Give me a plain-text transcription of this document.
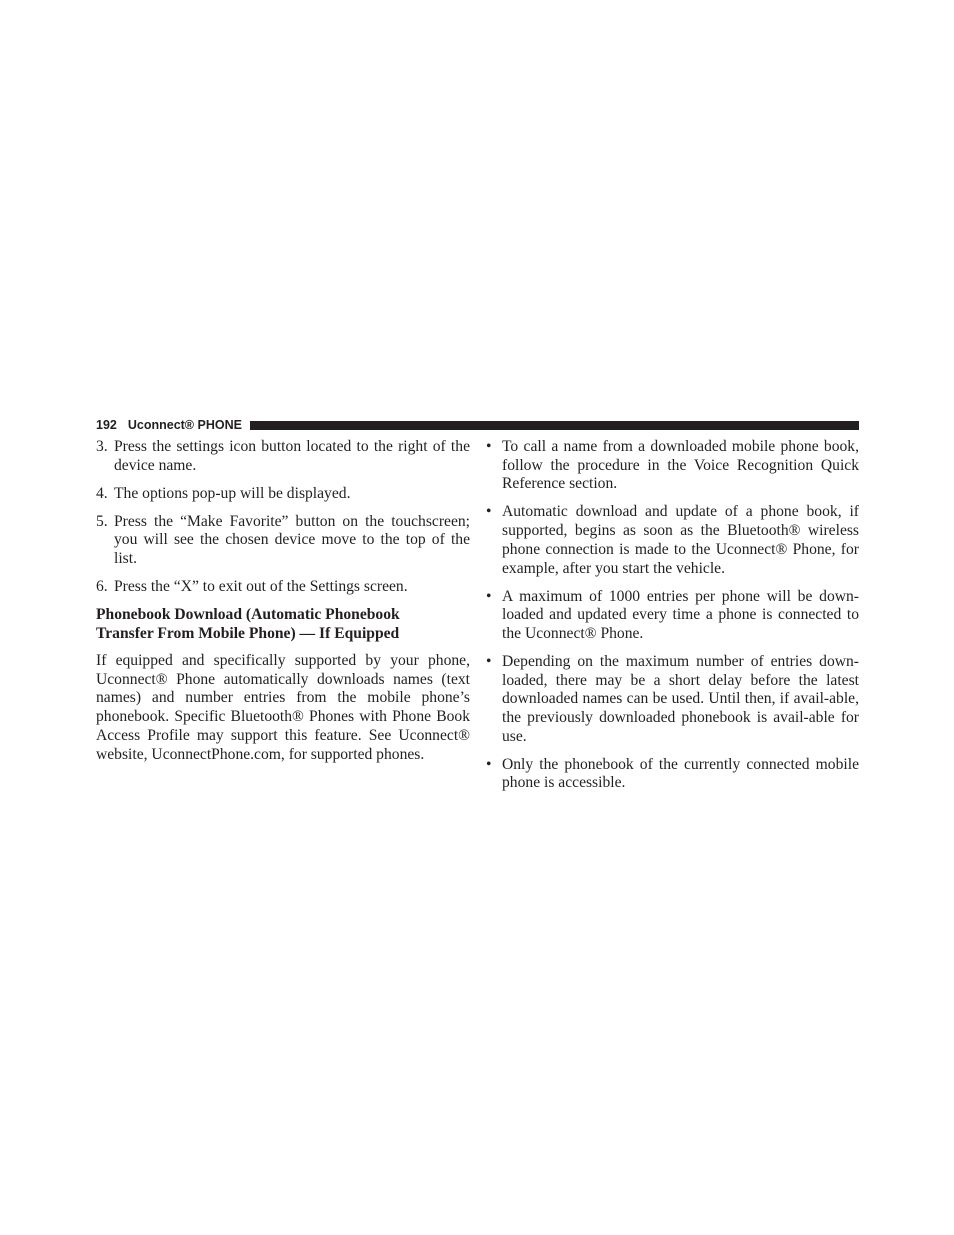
192 Uconnect® PHONE
3. Press the settings icon button located to the right of the device name.
4. The options pop-up will be displayed.
5. Press the “Make Favorite” button on the touchscreen; you will see the chosen device move to the top of the list.
6. Press the “X” to exit out of the Settings screen.
Phonebook Download (Automatic Phonebook
Transfer From Mobile Phone) — If Equipped

If equipped and specifically supported by your phone, Uconnect® Phone automatically downloads names (text names) and number entries from the mobile phone’s phonebook. Specific Bluetooth® Phones with Phone Book Access Profile may support this feature. See Uconnect® website, UconnectPhone.com, for supported phones.

• To call a name from a downloaded mobile phone book, follow the procedure in the Voice Recognition Quick Reference section.
• Automatic download and update of a phone book, if supported, begins as soon as the Bluetooth® wireless phone connection is made to the Uconnect® Phone, for example, after you start the vehicle.
• A maximum of 1000 entries per phone will be down-loaded and updated every time a phone is connected to the Uconnect® Phone.
• Depending on the maximum number of entries down-loaded, there may be a short delay before the latest downloaded names can be used. Until then, if avail-able, the previously downloaded phonebook is avail-able for use.
• Only the phonebook of the currently connected mobile phone is accessible.
